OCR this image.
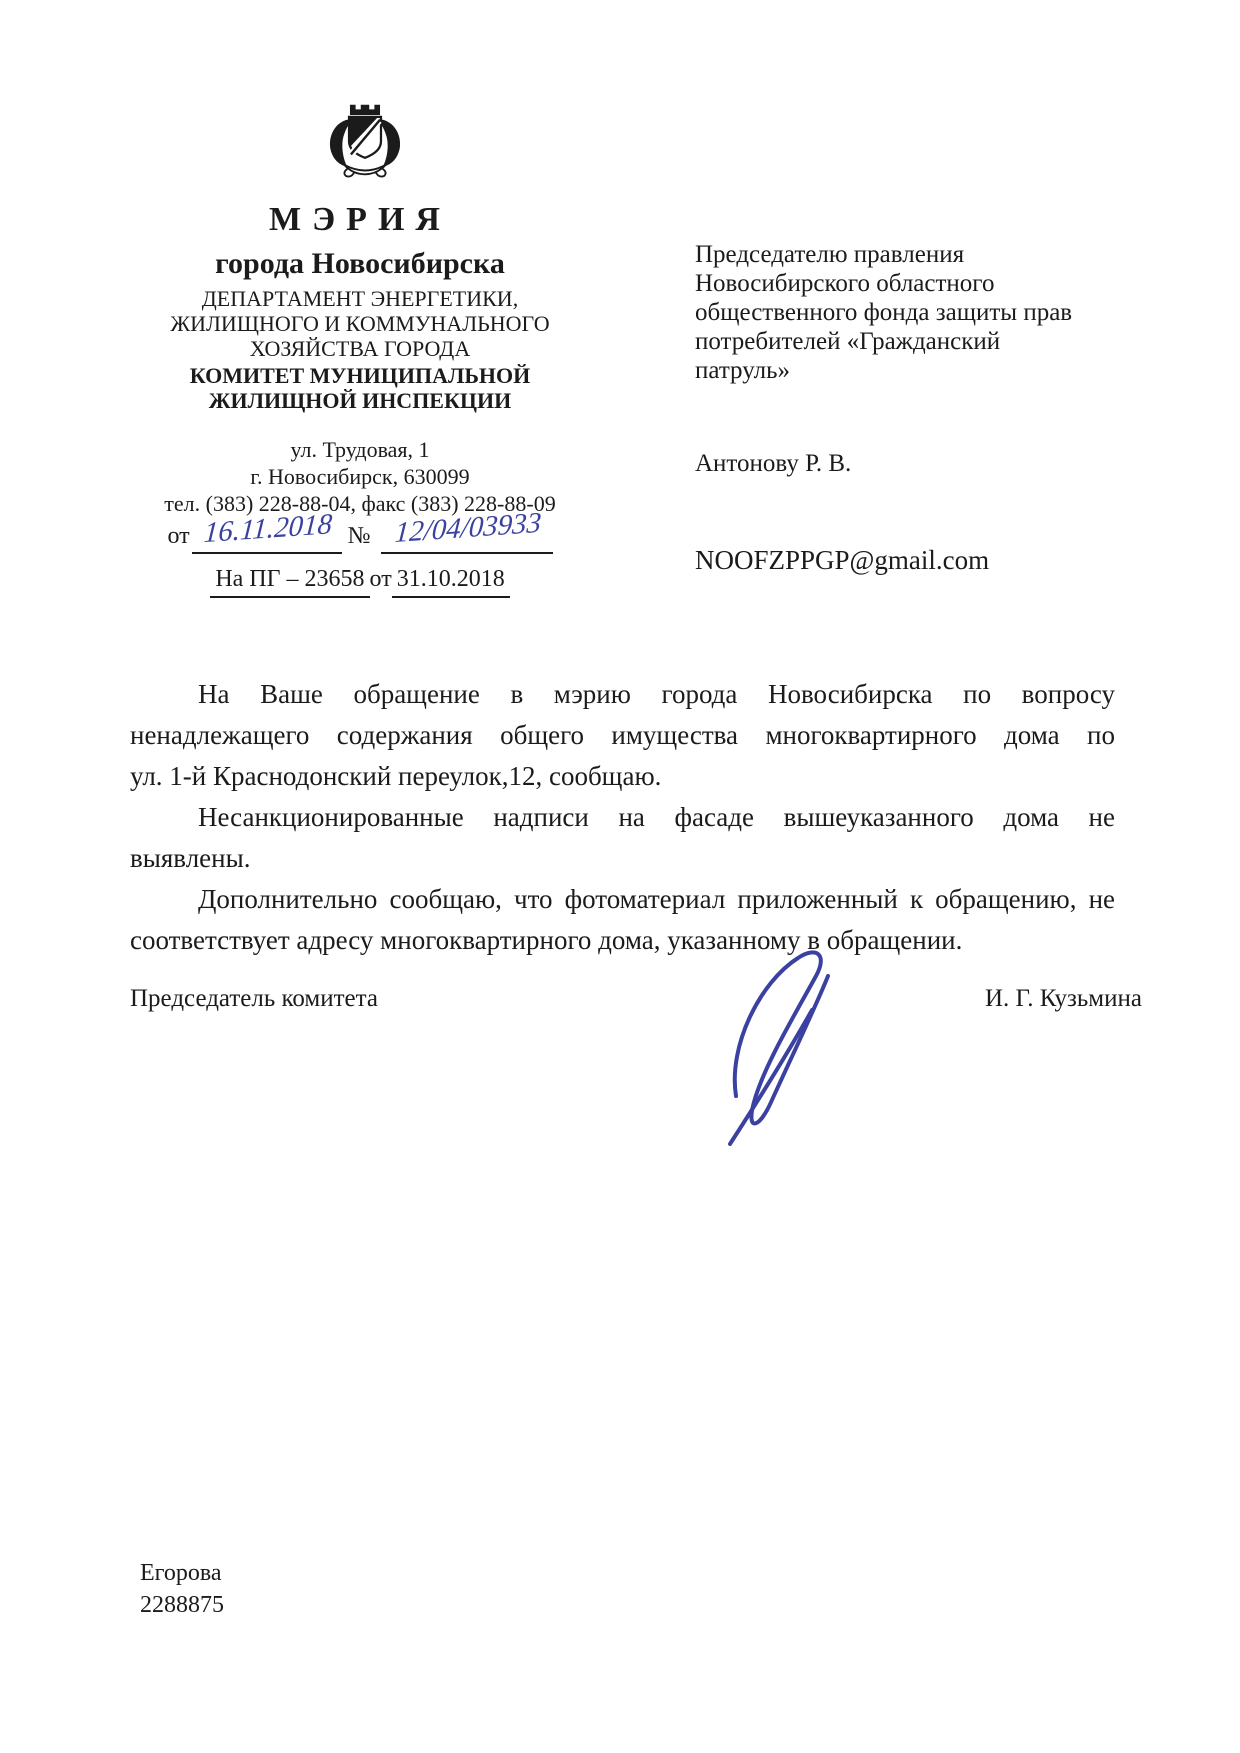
МЭРИЯ
города Новосибирска
ДЕПАРТАМЕНТ ЭНЕРГЕТИКИ,
ЖИЛИЩНОГО И КОММУНАЛЬНОГО
ХОЗЯЙСТВА ГОРОДА
КОМИТЕТ МУНИЦИПАЛЬНОЙ
ЖИЛИЩНОЙ ИНСПЕКЦИИ
ул. Трудовая, 1
г. Новосибирск, 630099
тел. (383) 228-88-04, факс (383) 228-88-09
от 16.11.2018 № 12/04/03933
На ПГ – 23658 от 31.10.2018
Председателю правления
Новосибирского областного
общественного фонда защиты прав
потребителей «Гражданский
патруль»
Антонову Р. В.
NOOFZPPGP@gmail.com
На Ваше обращение в мэрию города Новосибирска по вопросу
ненадлежащего содержания общего имущества многоквартирного дома по
ул. 1-й Краснодонский переулок,12, сообщаю.
Несанкционированные надписи на фасаде вышеуказанного дома не
выявлены.
Дополнительно сообщаю, что фотоматериал приложенный к обращению, не
соответствует адресу многоквартирного дома, указанному в обращении.
Председатель комитета	И. Г. Кузьмина
Егорова
2288875
